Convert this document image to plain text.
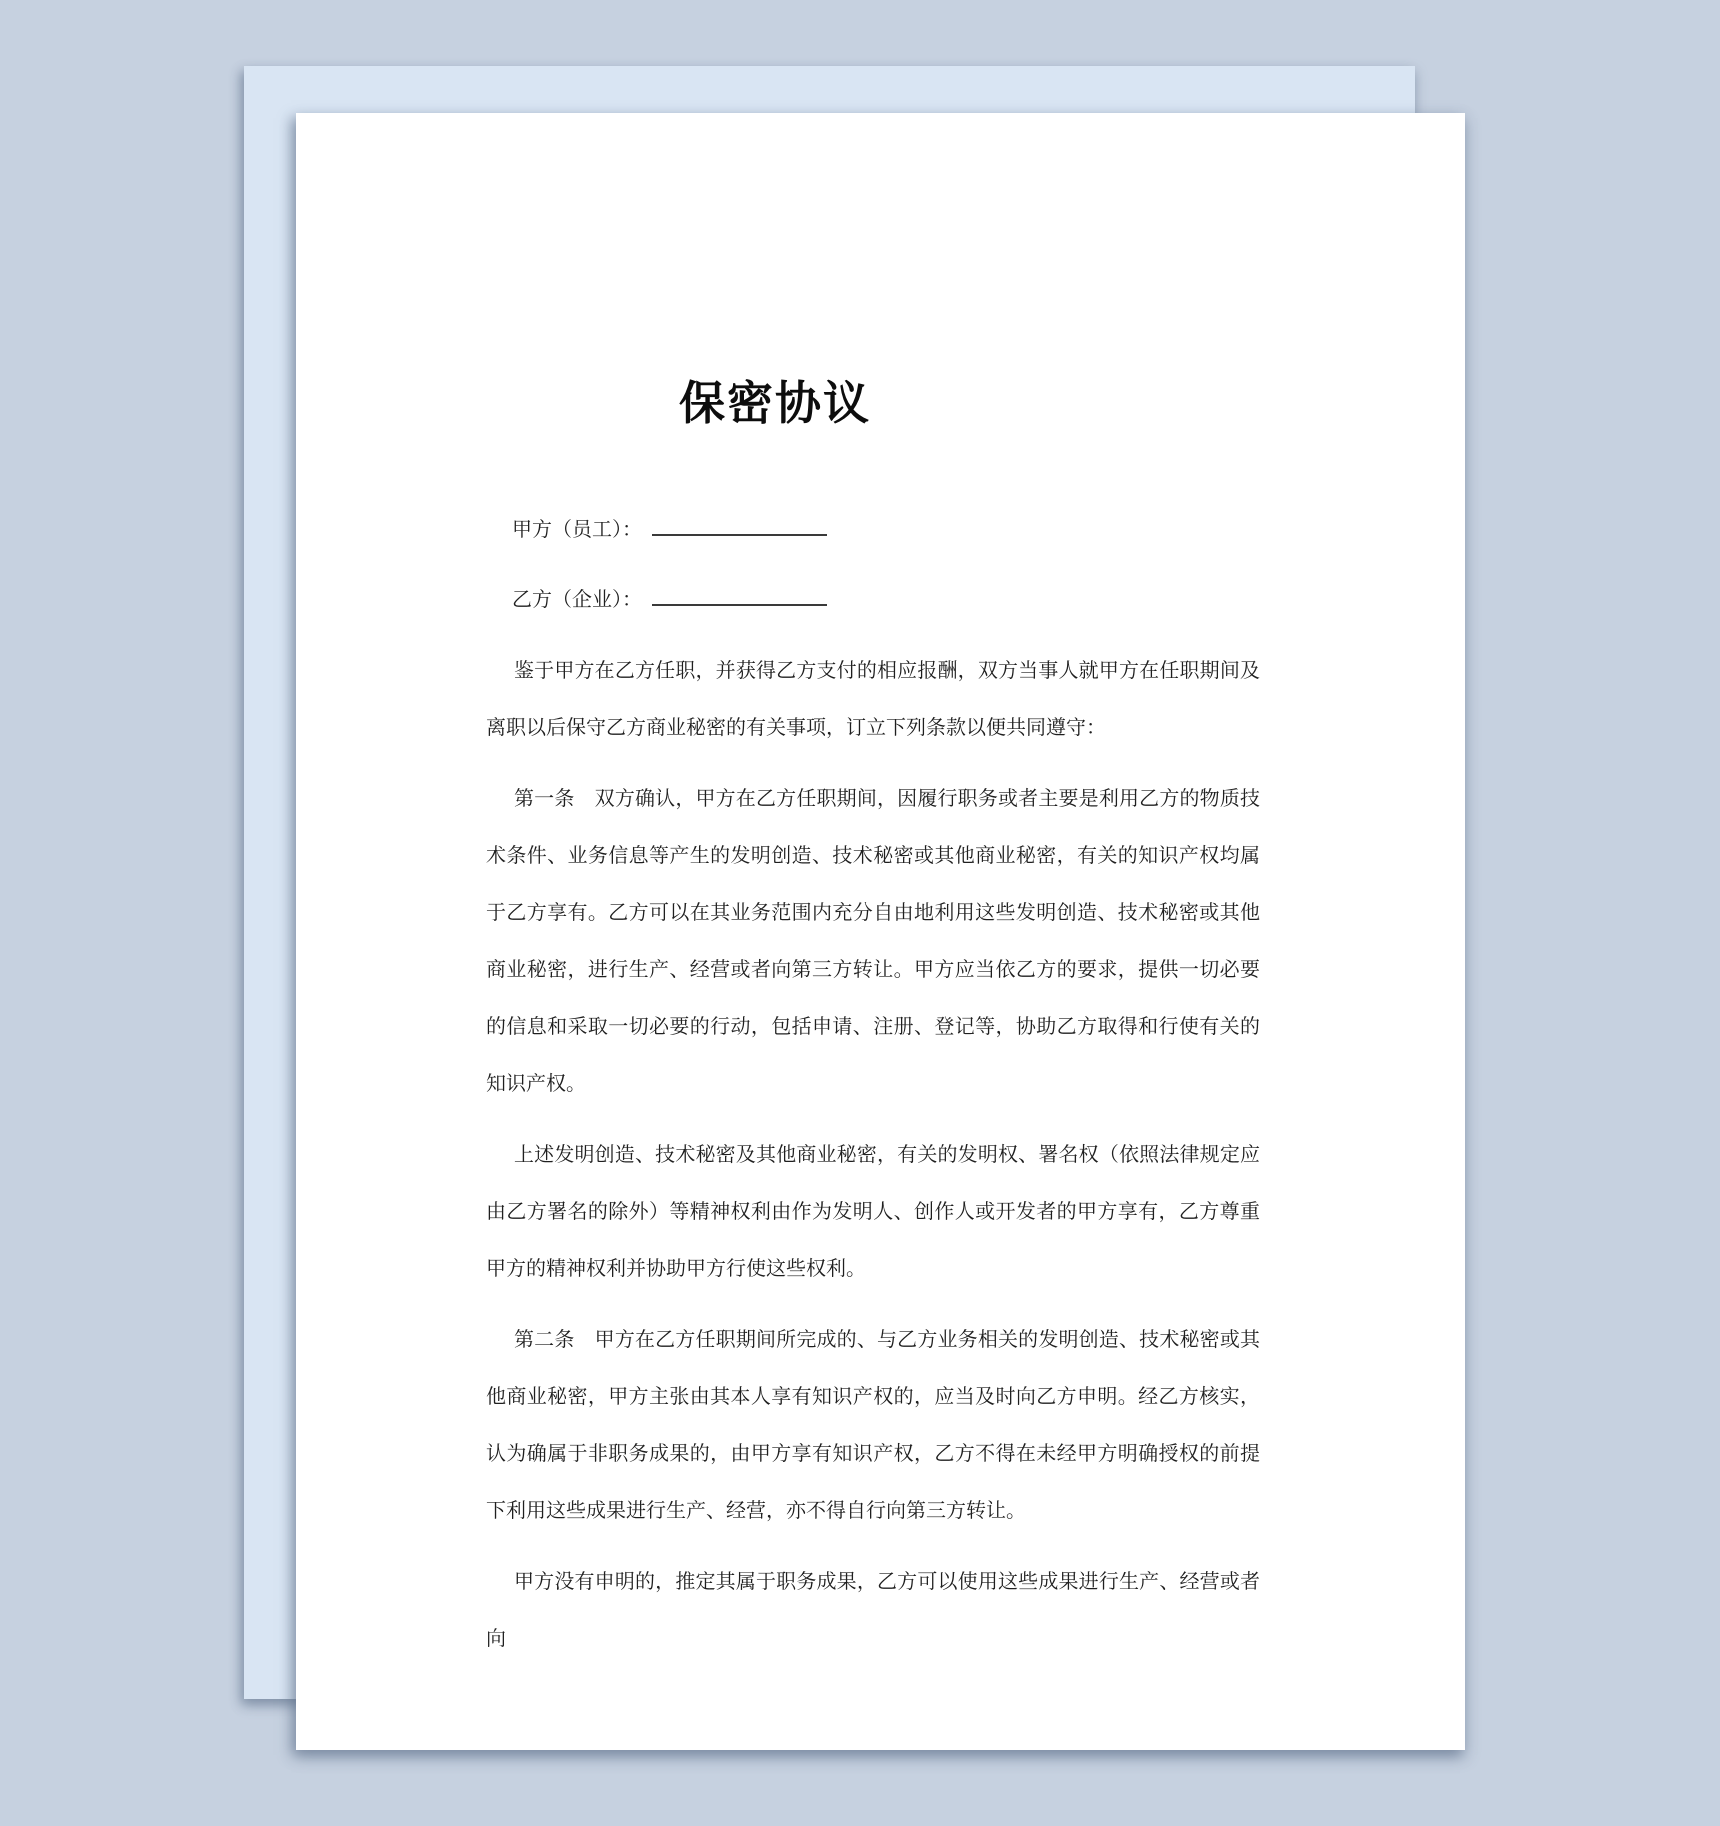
保密协议

甲方（员工）：

乙方（企业）：

鉴于甲方在乙方任职，并获得乙方支付的相应报酬，双方当事人就甲方在任职期间及离职以后保守乙方商业秘密的有关事项，订立下列条款以便共同遵守：

第一条　双方确认，甲方在乙方任职期间，因履行职务或者主要是利用乙方的物质技术条件、业务信息等产生的发明创造、技术秘密或其他商业秘密，有关的知识产权均属于乙方享有。乙方可以在其业务范围内充分自由地利用这些发明创造、技术秘密或其他商业秘密，进行生产、经营或者向第三方转让。甲方应当依乙方的要求，提供一切必要的信息和采取一切必要的行动，包括申请、注册、登记等，协助乙方取得和行使有关的知识产权。

上述发明创造、技术秘密及其他商业秘密，有关的发明权、署名权（依照法律规定应由乙方署名的除外）等精神权利由作为发明人、创作人或开发者的甲方享有，乙方尊重甲方的精神权利并协助甲方行使这些权利。

第二条　甲方在乙方任职期间所完成的、与乙方业务相关的发明创造、技术秘密或其他商业秘密，甲方主张由其本人享有知识产权的，应当及时向乙方申明。经乙方核实，认为确属于非职务成果的，由甲方享有知识产权，乙方不得在未经甲方明确授权的前提下利用这些成果进行生产、经营，亦不得自行向第三方转让。

甲方没有申明的，推定其属于职务成果，乙方可以使用这些成果进行生产、经营或者向
